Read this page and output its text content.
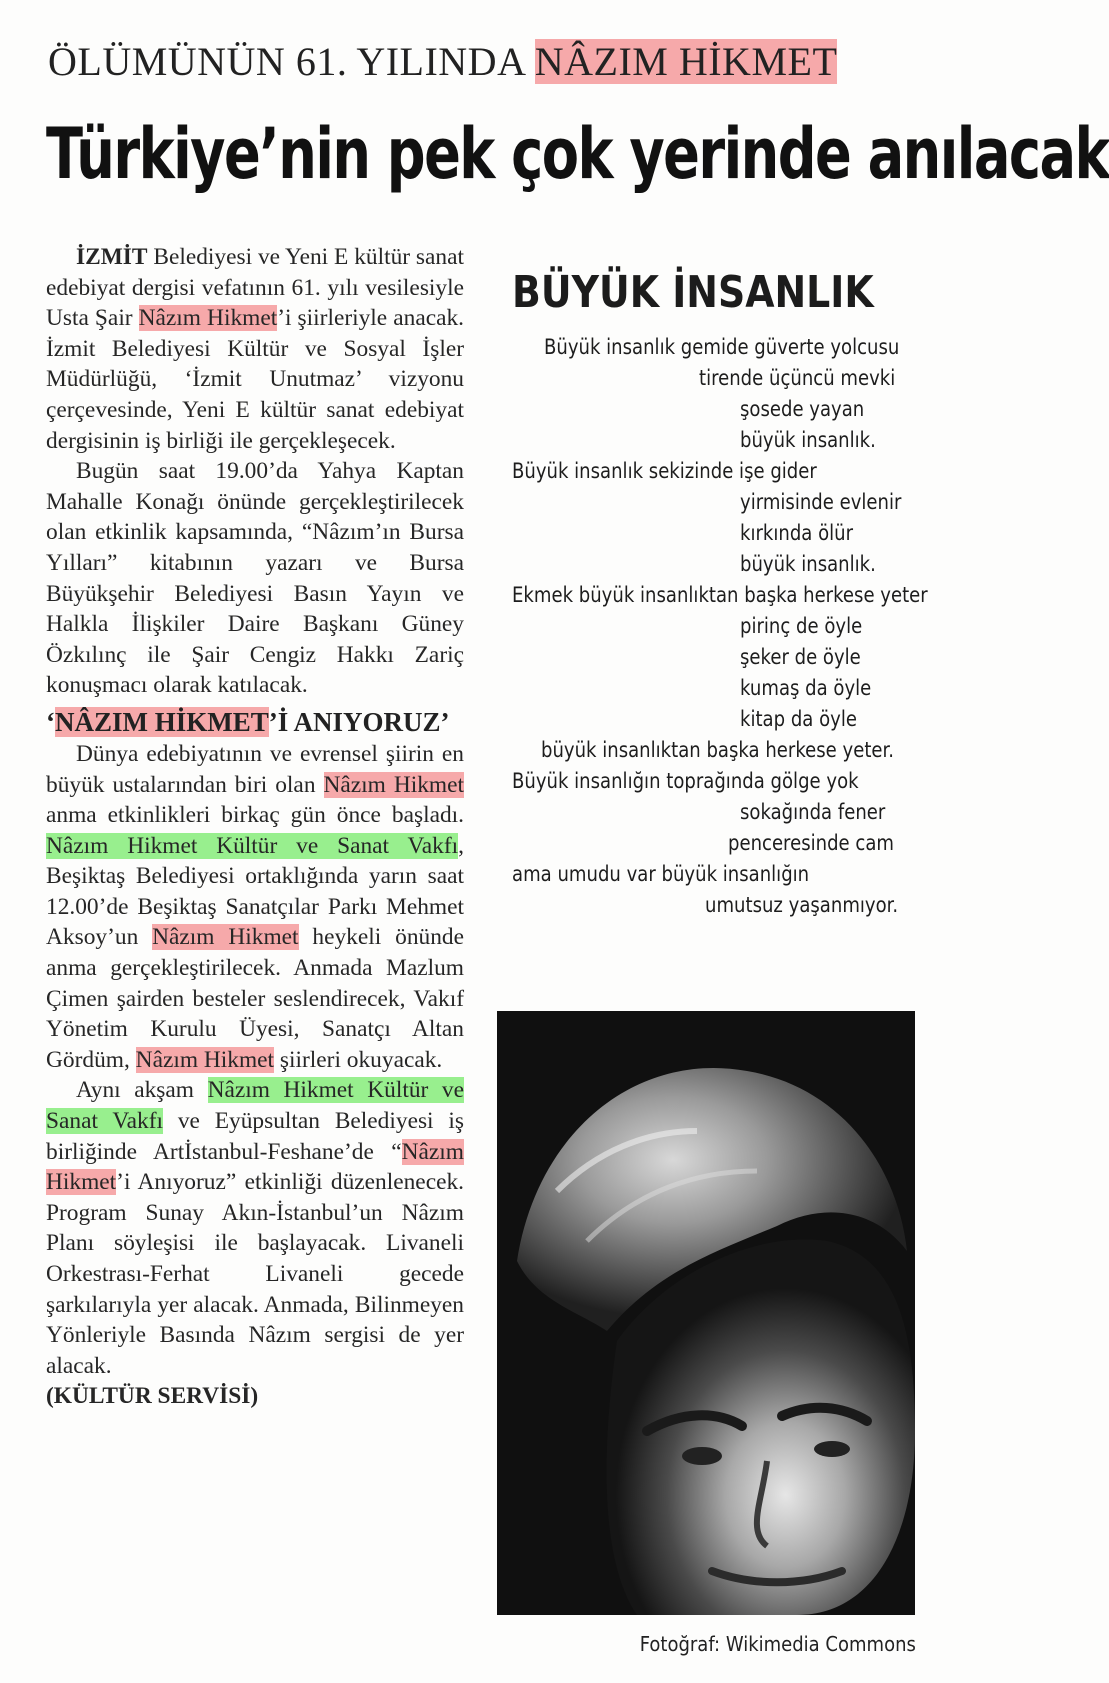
ÖLÜMÜNÜN 61. YILINDA NÂZIM HİKMET
Türkiye’nin pek çok yerinde anılacak

İZMİT Belediyesi ve Yeni E kültür sanat edebiyat dergisi vefatının 61. yılı vesilesiyle Usta Şair Nâzım Hikmet’i şiirleriyle anacak. İzmit Belediyesi Kültür ve Sosyal İşler Müdürlüğü, ‘İzmit Unutmaz’ vizyonu çerçevesinde, Yeni E kültür sanat edebiyat dergisinin iş birliği ile gerçekleşecek.

Bugün saat 19.00’da Yahya Kaptan Mahalle Konağı önünde gerçekleştirilecek olan etkinlik kapsamında, “Nâzım’ın Bursa Yılları” kitabının yazarı ve Bursa Büyükşehir Belediyesi Basın Yayın ve Halkla İlişkiler Daire Başkanı Güney Özkılınç ile Şair Cengiz Hakkı Zariç konuşmacı olarak katılacak.

‘NÂZIM HİKMET’İ ANIYORUZ’

Dünya edebiyatının ve evrensel şiirin en büyük ustalarından biri olan Nâzım Hikmet anma etkinlikleri birkaç gün önce başladı. Nâzım Hikmet Kültür ve Sanat Vakfı, Beşiktaş Belediyesi ortaklığında yarın saat 12.00’de Beşiktaş Sanatçılar Parkı Mehmet Aksoy’un Nâzım Hikmet heykeli önünde anma gerçekleştirilecek. Anmada Mazlum Çimen şairden besteler seslendirecek, Vakıf Yönetim Kurulu Üyesi, Sanatçı Altan Gördüm, Nâzım Hikmet şiirleri okuyacak.

Aynı akşam Nâzım Hikmet Kültür ve Sanat Vakfı ve Eyüpsultan Belediyesi iş birliğinde Artİstanbul-Feshane’de “Nâzım Hikmet’i Anıyoruz” etkinliği düzenlenecek. Program Sunay Akın-İstanbul’un Nâzım Planı söyleşisi ile başlayacak. Livaneli Orkestrası-Ferhat Livaneli gecede şarkılarıyla yer alacak. Anmada, Bilinmeyen Yönleriyle Basında Nâzım sergisi de yer alacak.

(KÜLTÜR SERVİSİ)

BÜYÜK İNSANLIK
Büyük insanlık gemide güverte yolcusu
tirende üçüncü mevki
şosede yayan
büyük insanlık.
Büyük insanlık sekizinde işe gider
yirmisinde evlenir
kırkında ölür
büyük insanlık.
Ekmek büyük insanlıktan başka herkese yeter
pirinç de öyle
şeker de öyle
kumaş da öyle
kitap da öyle
büyük insanlıktan başka herkese yeter.
Büyük insanlığın toprağında gölge yok
sokağında fener
penceresinde cam
ama umudu var büyük insanlığın
umutsuz yaşanmıyor.
Fotoğraf: Wikimedia Commons
